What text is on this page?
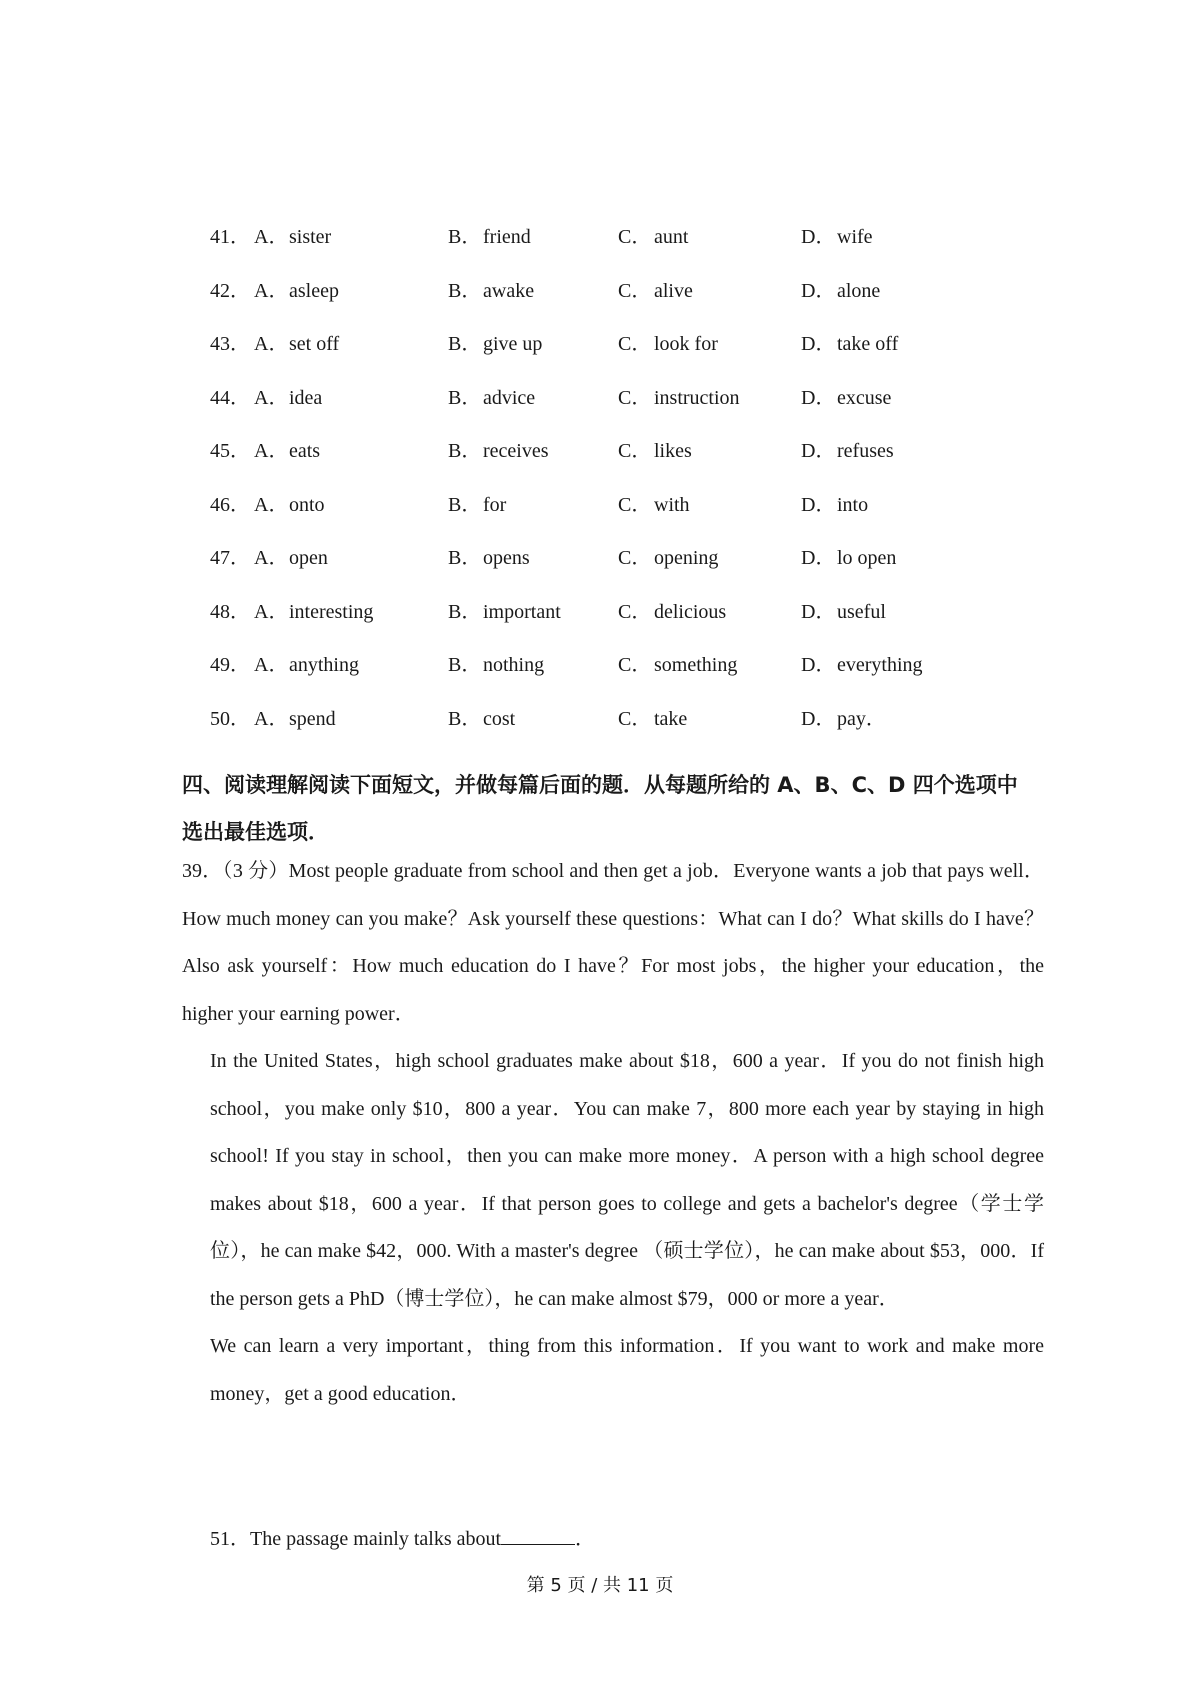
41． A． sister	B． friend	C． aunt	D． wife
42． A． asleep	B． awake	C． alive	D． alone
43． A． set off	B． give up	C． look for	D． take off
44． A． idea	B． advice	C． instruction	D． excuse
45． A． eats	B． receives	C． likes	D． refuses
46． A． onto	B． for	C． with	D． into
47． A． open	B． opens	C． opening	D． lo open
48． A． interesting	B． important	C． delicious	D． useful
49． A． anything	B． nothing	C． something	D． everything
50． A． spend	B． cost	C． take	D． pay．
四、阅读理解阅读下面短文，并做每篇后面的题．从每题所给的 A、B、C、D 四个选项中
选出最佳选项．

39．（3 分）Most people graduate from school and then get a job．Everyone wants a job that pays well．How much money can you make？Ask yourself these questions：What can I do？What skills do I have？Also ask yourself：How much education do I have？For most jobs，the higher your education，the higher your earning power．

In the United States，high school graduates make about $18，600 a year．If you do not finish high school，you make only $10，800 a year．You can make 7，800 more each year by staying in high school! If you stay in school，then you can make more money．A person with a high school degree makes about $18，600 a year．If that person goes to college and gets a bachelor's degree（学士学位），he can make $42，000. With a master's degree （硕士学位），he can make about $53，000．If the person gets a PhD（博士学位），he can make almost $79，000 or more a year．

We can learn a very important，thing from this information．If you want to work and make more money，get a good education．

51．The passage mainly talks about	．
第 5 页 / 共 11 页
